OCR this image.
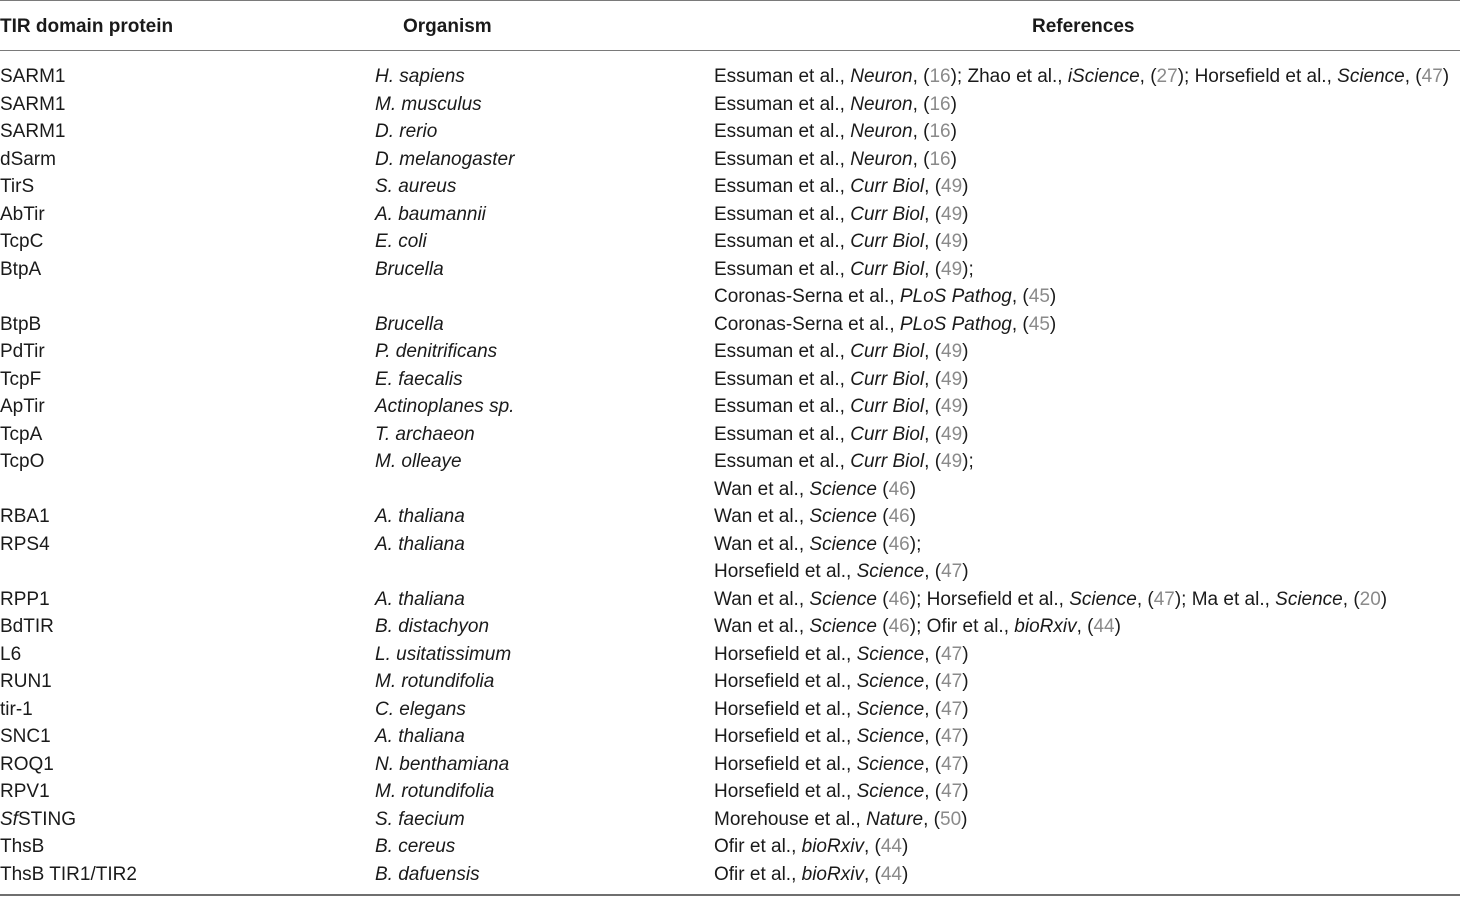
TIR domain protein	Organism	References
SARM1	H. sapiens	Essuman et al., Neuron, (16); Zhao et al., iScience, (27); Horsefield et al., Science, (47)
SARM1	M. musculus	Essuman et al., Neuron, (16)
SARM1	D. rerio	Essuman et al., Neuron, (16)
dSarm	D. melanogaster	Essuman et al., Neuron, (16)
TirS	S. aureus	Essuman et al., Curr Biol, (49)
AbTir	A. baumannii	Essuman et al., Curr Biol, (49)
TcpC	E. coli	Essuman et al., Curr Biol, (49)
BtpA	Brucella	Essuman et al., Curr Biol, (49);
Coronas-Serna et al., PLoS Pathog, (45)
BtpB	Brucella	Coronas-Serna et al., PLoS Pathog, (45)
PdTir	P. denitrificans	Essuman et al., Curr Biol, (49)
TcpF	E. faecalis	Essuman et al., Curr Biol, (49)
ApTir	Actinoplanes sp.	Essuman et al., Curr Biol, (49)
TcpA	T. archaeon	Essuman et al., Curr Biol, (49)
TcpO	M. olleaye	Essuman et al., Curr Biol, (49);
Wan et al., Science (46)
RBA1	A. thaliana	Wan et al., Science (46)
RPS4	A. thaliana	Wan et al., Science (46);
Horsefield et al., Science, (47)
RPP1	A. thaliana	Wan et al., Science (46); Horsefield et al., Science, (47); Ma et al., Science, (20)
BdTIR	B. distachyon	Wan et al., Science (46); Ofir et al., bioRxiv, (44)
L6	L. usitatissimum	Horsefield et al., Science, (47)
RUN1	M. rotundifolia	Horsefield et al., Science, (47)
tir-1	C. elegans	Horsefield et al., Science, (47)
SNC1	A. thaliana	Horsefield et al., Science, (47)
ROQ1	N. benthamiana	Horsefield et al., Science, (47)
RPV1	M. rotundifolia	Horsefield et al., Science, (47)
SfSTING	S. faecium	Morehouse et al., Nature, (50)
ThsB	B. cereus	Ofir et al., bioRxiv, (44)
ThsB TIR1/TIR2	B. dafuensis	Ofir et al., bioRxiv, (44)
